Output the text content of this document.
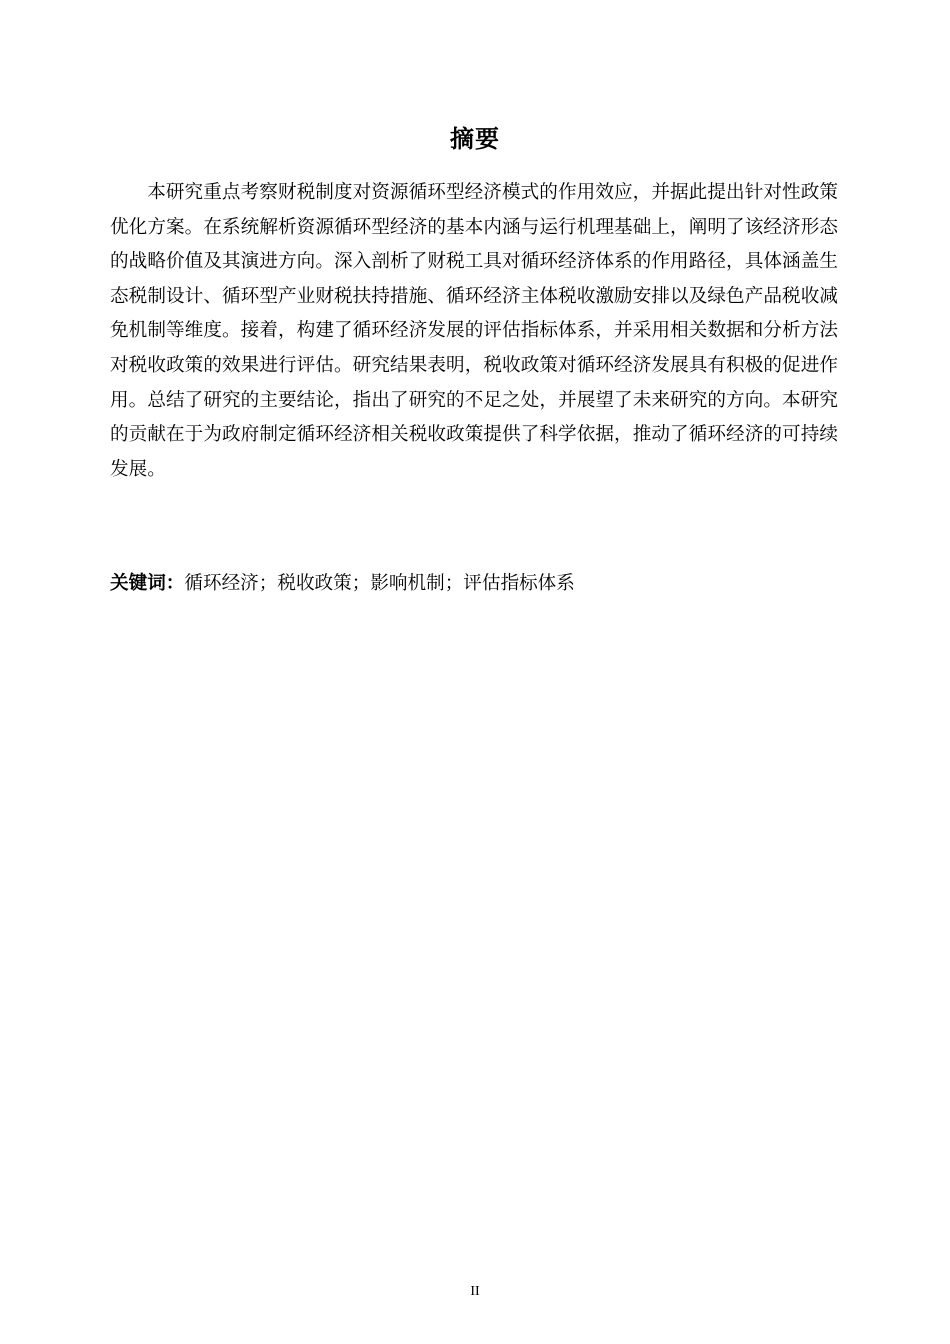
摘要

本研究重点考察财税制度对资源循环型经济模式的作用效应，并据此提出针对性政策优化方案。在系统解析资源循环型经济的基本内涵与运行机理基础上，阐明了该经济形态的战略价值及其演进方向。深入剖析了财税工具对循环经济体系的作用路径，具体涵盖生态税制设计、循环型产业财税扶持措施、循环经济主体税收激励安排以及绿色产品税收减免机制等维度。接着，构建了循环经济发展的评估指标体系，并采用相关数据和分析方法对税收政策的效果进行评估。研究结果表明，税收政策对循环经济发展具有积极的促进作用。总结了研究的主要结论，指出了研究的不足之处，并展望了未来研究的方向。本研究的贡献在于为政府制定循环经济相关税收政策提供了科学依据，推动了循环经济的可持续发展。

关键词：循环经济；税收政策；影响机制；评估指标体系
II
